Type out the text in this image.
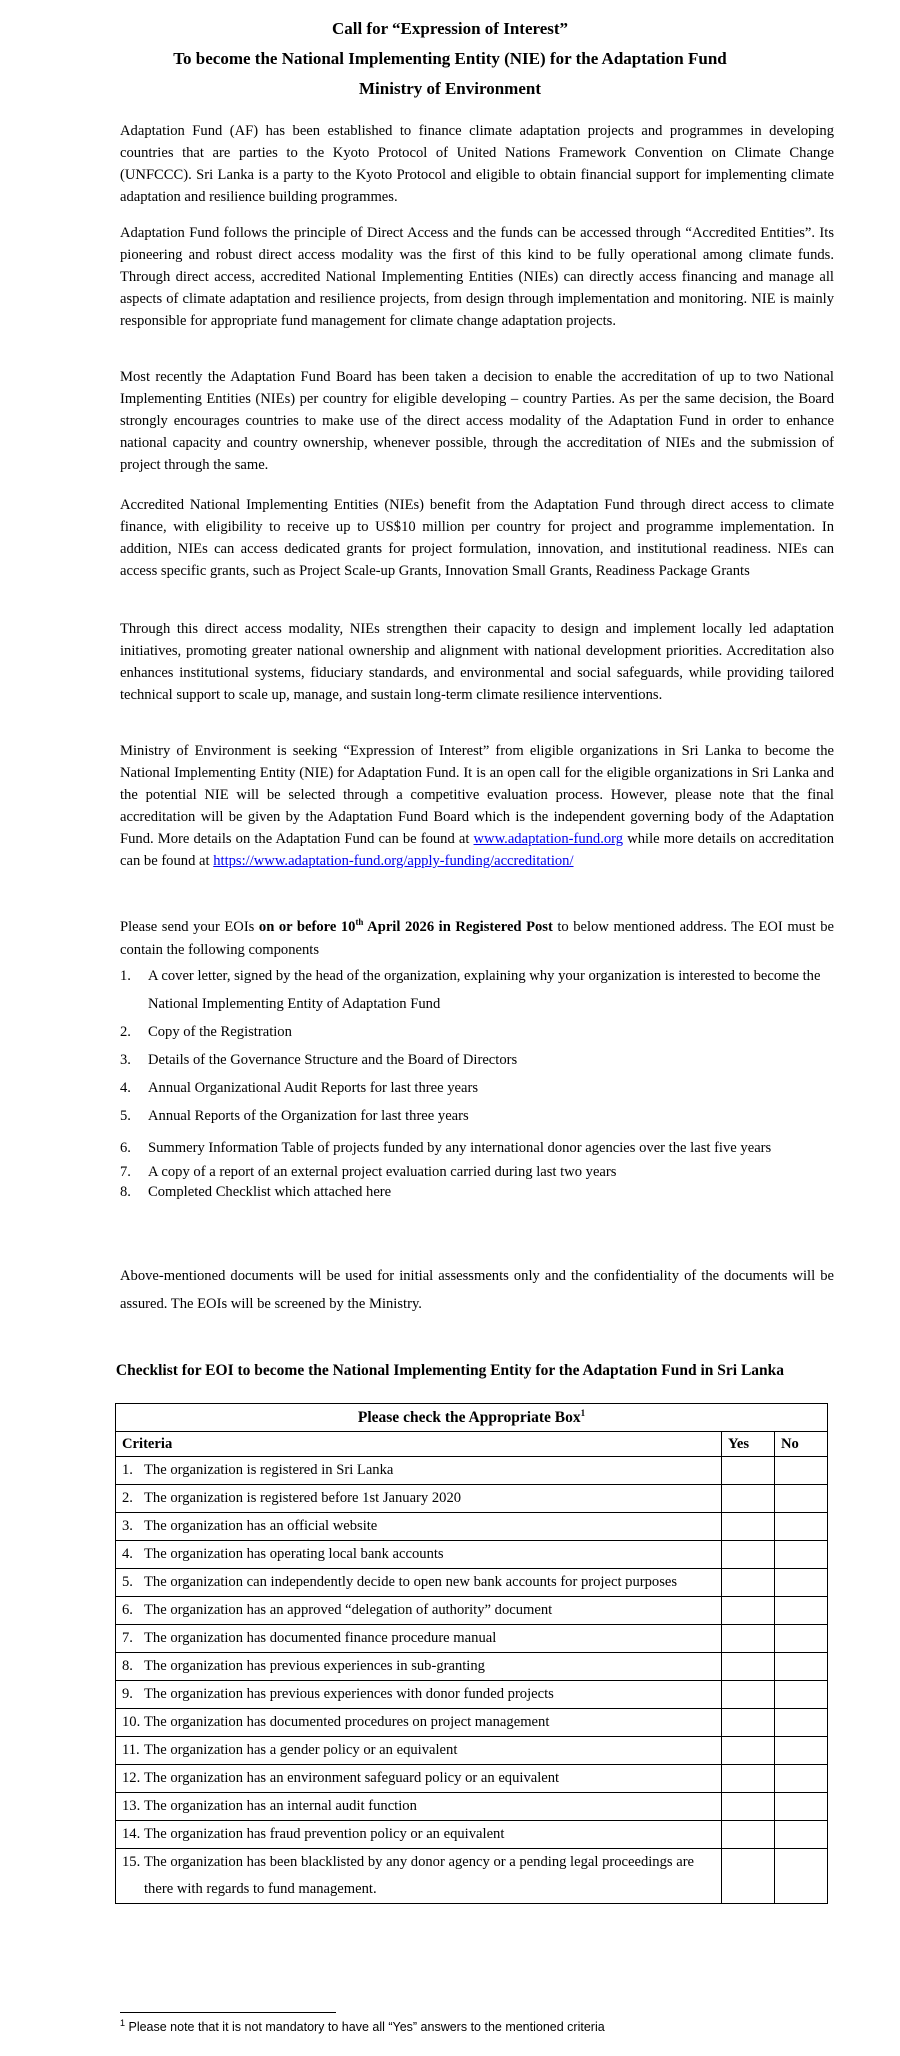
Call for “Expression of Interest”
To become the National Implementing Entity (NIE) for the Adaptation Fund
Ministry of Environment
Adaptation Fund (AF) has been established to finance climate adaptation projects and programmes in developing countries that are parties to the Kyoto Protocol of United Nations Framework Convention on Climate Change (UNFCCC). Sri Lanka is a party to the Kyoto Protocol and eligible to obtain financial support for implementing climate adaptation and resilience building programmes.
Adaptation Fund follows the principle of Direct Access and the funds can be accessed through “Accredited Entities”. Its pioneering and robust direct access modality was the first of this kind to be fully operational among climate funds. Through direct access, accredited National Implementing Entities (NIEs) can directly access financing and manage all aspects of climate adaptation and resilience projects, from design through implementation and monitoring. NIE is mainly responsible for appropriate fund management for climate change adaptation projects.
Most recently the Adaptation Fund Board has been taken a decision to enable the accreditation of up to two National Implementing Entities (NIEs) per country for eligible developing – country Parties. As per the same decision, the Board strongly encourages countries to make use of the direct access modality of the Adaptation Fund in order to enhance national capacity and country ownership, whenever possible, through the accreditation of NIEs and the submission of project through the same.
Accredited National Implementing Entities (NIEs) benefit from the Adaptation Fund through direct access to climate finance, with eligibility to receive up to US$10 million per country for project and programme implementation. In addition, NIEs can access dedicated grants for project formulation, innovation, and institutional readiness. NIEs can access specific grants, such as Project Scale-up Grants, Innovation Small Grants, Readiness Package Grants
Through this direct access modality, NIEs strengthen their capacity to design and implement locally led adaptation initiatives, promoting greater national ownership and alignment with national development priorities. Accreditation also enhances institutional systems, fiduciary standards, and environmental and social safeguards, while providing tailored technical support to scale up, manage, and sustain long-term climate resilience interventions.
Ministry of Environment is seeking “Expression of Interest” from eligible organizations in Sri Lanka to become the National Implementing Entity (NIE) for Adaptation Fund. It is an open call for the eligible organizations in Sri Lanka and the potential NIE will be selected through a competitive evaluation process. However, please note that the final accreditation will be given by the Adaptation Fund Board which is the independent governing body of the Adaptation Fund. More details on the Adaptation Fund can be found at www.adaptation-fund.org while more details on accreditation can be found at https://www.adaptation-fund.org/apply-funding/accreditation/
Please send your EOIs on or before 10th April 2026 in Registered Post to below mentioned address. The EOI must be contain the following components
1. A cover letter, signed by the head of the organization, explaining why your organization is interested to become the National Implementing Entity of Adaptation Fund
2. Copy of the Registration
3. Details of the Governance Structure and the Board of Directors
4. Annual Organizational Audit Reports for last three years
5. Annual Reports of the Organization for last three years
6. Summery Information Table of projects funded by any international donor agencies over the last five years
7. A copy of a report of an external project evaluation carried during last two years
8. Completed Checklist which attached here
Above-mentioned documents will be used for initial assessments only and the confidentiality of the documents will be assured. The EOIs will be screened by the Ministry.
Checklist for EOI to become the National Implementing Entity for the Adaptation Fund in Sri Lanka
Please check the Appropriate Box$^1$
Criteria	Yes	No

1. The organization is registered in Sri Lanka		

2. The organization is registered before 1st January 2020		

3. The organization has an official website		

4. The organization has operating local bank accounts		

5. The organization can independently decide to open new bank accounts for project purposes		

6. The organization has an approved “delegation of authority” document		

7. The organization has documented finance procedure manual		

8. The organization has previous experiences in sub-granting		

9. The organization has previous experiences with donor funded projects		

10. The organization has documented procedures on project management		

11. The organization has a gender policy or an equivalent		

12. The organization has an environment safeguard policy or an equivalent		

13. The organization has an internal audit function		

14. The organization has fraud prevention policy or an equivalent		

15. The organization has been blacklisted by any donor agency or a pending legal proceedings are there with regards to fund management.		

$^1$ Please note that it is not mandatory to have all “Yes” answers to the mentioned criteria
